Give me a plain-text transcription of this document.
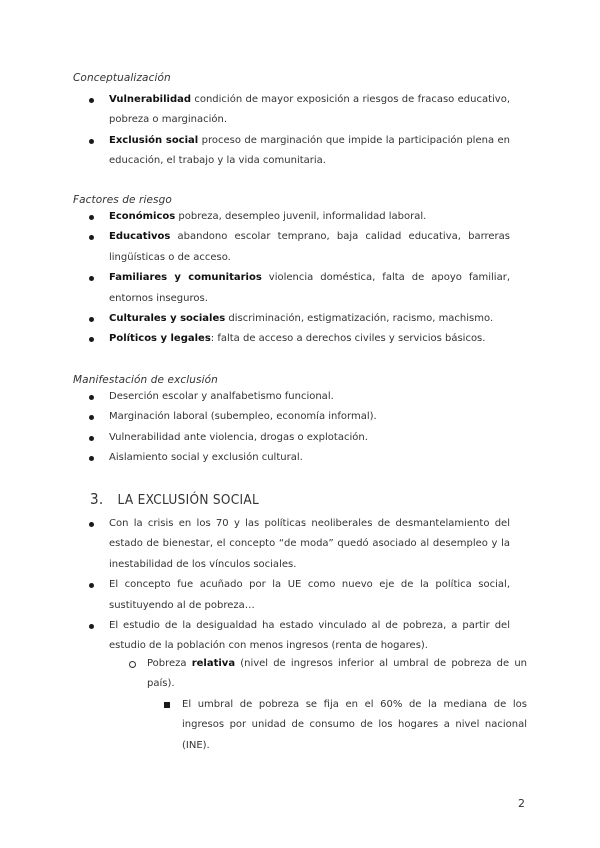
Conceptualización
Vulnerabilidad condición de mayor exposición a riesgos de fracaso educativo, pobreza o marginación.
Exclusión social proceso de marginación que impide la participación plena en educación, el trabajo y la vida comunitaria.
Factores de riesgo
Económicos pobreza, desempleo juvenil, informalidad laboral.
Educativos abandono escolar temprano, baja calidad educativa, barreras lingüísticas o de acceso.
Familiares y comunitarios violencia doméstica, falta de apoyo familiar, entornos inseguros.
Culturales y sociales discriminación, estigmatización, racismo, machismo.
Políticos y legales: falta de acceso a derechos civiles y servicios básicos.
Manifestación de exclusión
Deserción escolar y analfabetismo funcional.
Marginación laboral (subempleo, economía informal).
Vulnerabilidad ante violencia, drogas o explotación.
Aislamiento social y exclusión cultural.
3. LA EXCLUSIÓN SOCIAL
Con la crisis en los 70 y las políticas neoliberales de desmantelamiento del estado de bienestar, el concepto “de moda” quedó asociado al desempleo y la inestabilidad de los vínculos sociales.
El concepto fue acuñado por la UE como nuevo eje de la política social, sustituyendo al de pobreza…
El estudio de la desigualdad ha estado vinculado al de pobreza, a partir del estudio de la población con menos ingresos (renta de hogares).
Pobreza relativa (nivel de ingresos inferior al umbral de pobreza de un país).
El umbral de pobreza se fija en el 60% de la mediana de los ingresos por unidad de consumo de los hogares a nivel nacional (INE).
2
